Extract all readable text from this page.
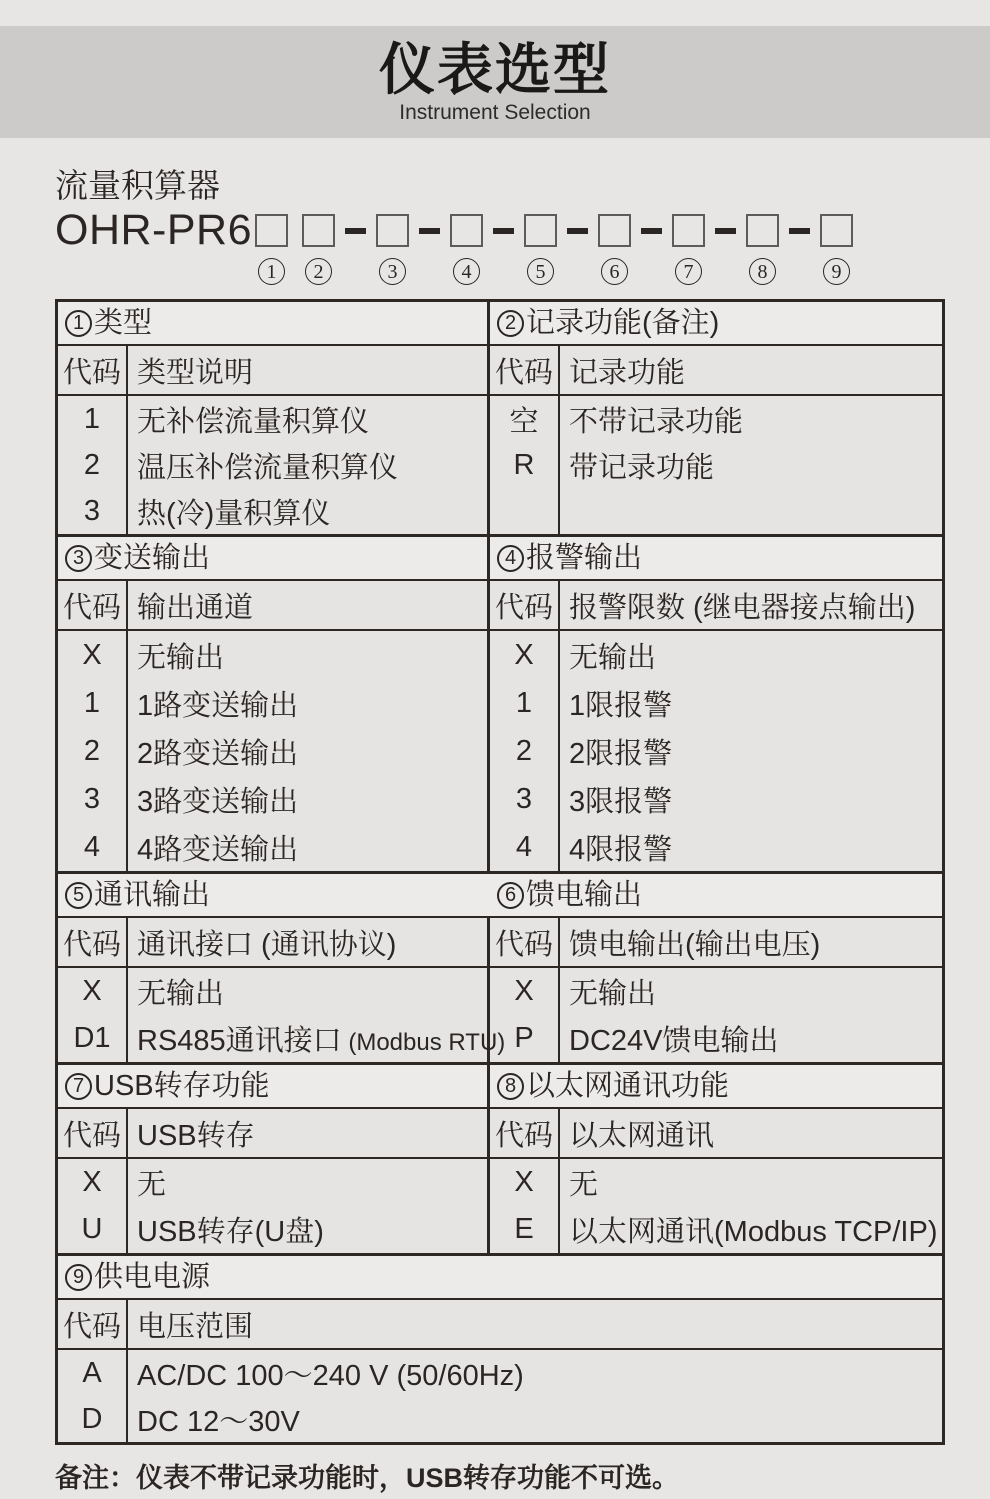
仪表选型
Instrument Selection
流量积算器
OHR-PR6
1	2	3	4	5	6	7	8	9
1 类型
代码 类型说明
1	无补偿流量积算仪
2	温压补偿流量积算仪
3	热(冷)量积算仪
2 记录功能(备注)
代码 记录功能
空	不带记录功能
R	带记录功能
3 变送输出
代码 输出通道
X	无输出
1	1路变送输出
2	2路变送输出
3	3路变送输出
4	4路变送输出
4 报警输出
代码 报警限数 (继电器接点输出)
X	无输出
1	1限报警
2	2限报警
3	3限报警
4	4限报警
5 通讯输出
代码 通讯接口 (通讯协议)
X	无输出
D1 RS485通讯接口 (Modbus RTU)
6 馈电输出
代码 馈电输出(输出电压)
X	无输出
P	DC24V馈电输出
7 USB转存功能
代码 USB转存
X	无
U	USB转存(U盘)
8 以太网通讯功能
代码 以太网通讯
X	无
E	以太网通讯(Modbus TCP/IP)
9 供电电源
代码 电压范围
A	AC/DC 100～240 V (50/60Hz)
D	DC 12～30V
备注：仪表不带记录功能时，USB转存功能不可选。
